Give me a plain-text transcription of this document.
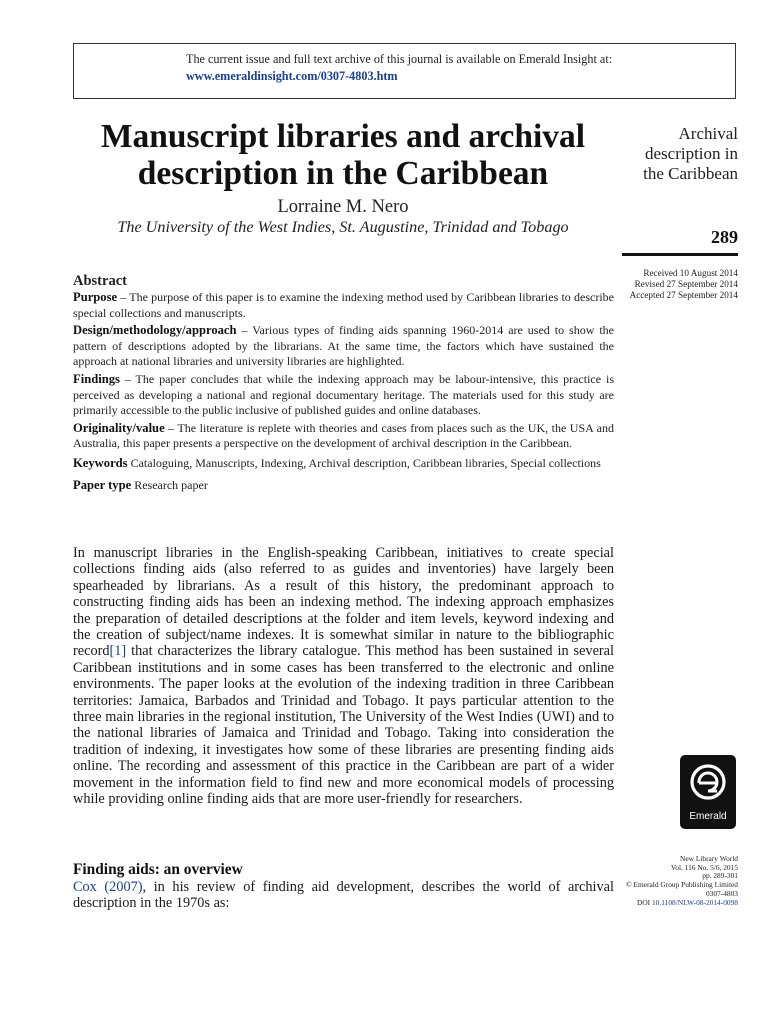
The current issue and full text archive of this journal is available on Emerald Insight at:
www.emeraldinsight.com/0307-4803.htm
Manuscript libraries and archival description in the Caribbean
Lorraine M. Nero
The University of the West Indies, St. Augustine, Trinidad and Tobago
Archival
description in
the Caribbean
289
Received 10 August 2014
Revised 27 September 2014
Accepted 27 September 2014
Abstract

Purpose – The purpose of this paper is to examine the indexing method used by Caribbean libraries to describe special collections and manuscripts.

Design/methodology/approach – Various types of finding aids spanning 1960-2014 are used to show the pattern of descriptions adopted by the librarians. At the same time, the factors which have sustained the approach at national libraries and university libraries are highlighted.

Findings – The paper concludes that while the indexing approach may be labour-intensive, this practice is perceived as developing a national and regional documentary heritage. The materials used for this study are primarily accessible to the public inclusive of published guides and online databases.

Originality/value – The literature is replete with theories and cases from places such as the UK, the USA and Australia, this paper presents a perspective on the development of archival description in the Caribbean.

Keywords Cataloguing, Manuscripts, Indexing, Archival description, Caribbean libraries, Special collections

Paper type Research paper

In manuscript libraries in the English-speaking Caribbean, initiatives to create special collections finding aids (also referred to as guides and inventories) have largely been spearheaded by librarians. As a result of this history, the predominant approach to constructing finding aids has been an indexing method. The indexing approach emphasizes the preparation of detailed descriptions at the folder and item levels, keyword indexing and the creation of subject/name indexes. It is somewhat similar in nature to the bibliographic record[1] that characterizes the library catalogue. This method has been sustained in several Caribbean institutions and in some cases has been transferred to the electronic and online environments. The paper looks at the evolution of the indexing tradition in three Caribbean territories: Jamaica, Barbados and Trinidad and Tobago. It pays particular attention to the three main libraries in the regional institution, The University of the West Indies (UWI) and to the national libraries of Jamaica and Trinidad and Tobago. Taking into consideration the tradition of indexing, it investigates how some of these libraries are presenting finding aids online. The recording and assessment of this practice in the Caribbean are part of a wider movement in the information field to find new and more economical models of processing while providing online finding aids that are more user-friendly for researchers.

Finding aids: an overview

Cox (2007), in his review of finding aid development, describes the world of archival description in the 1970s as:

Emerald
New Library World
Vol. 116 No. 5/6, 2015
pp. 289-301
© Emerald Group Publishing Limited
0307-4803
DOI 10.1108/NLW-08-2014-0098
